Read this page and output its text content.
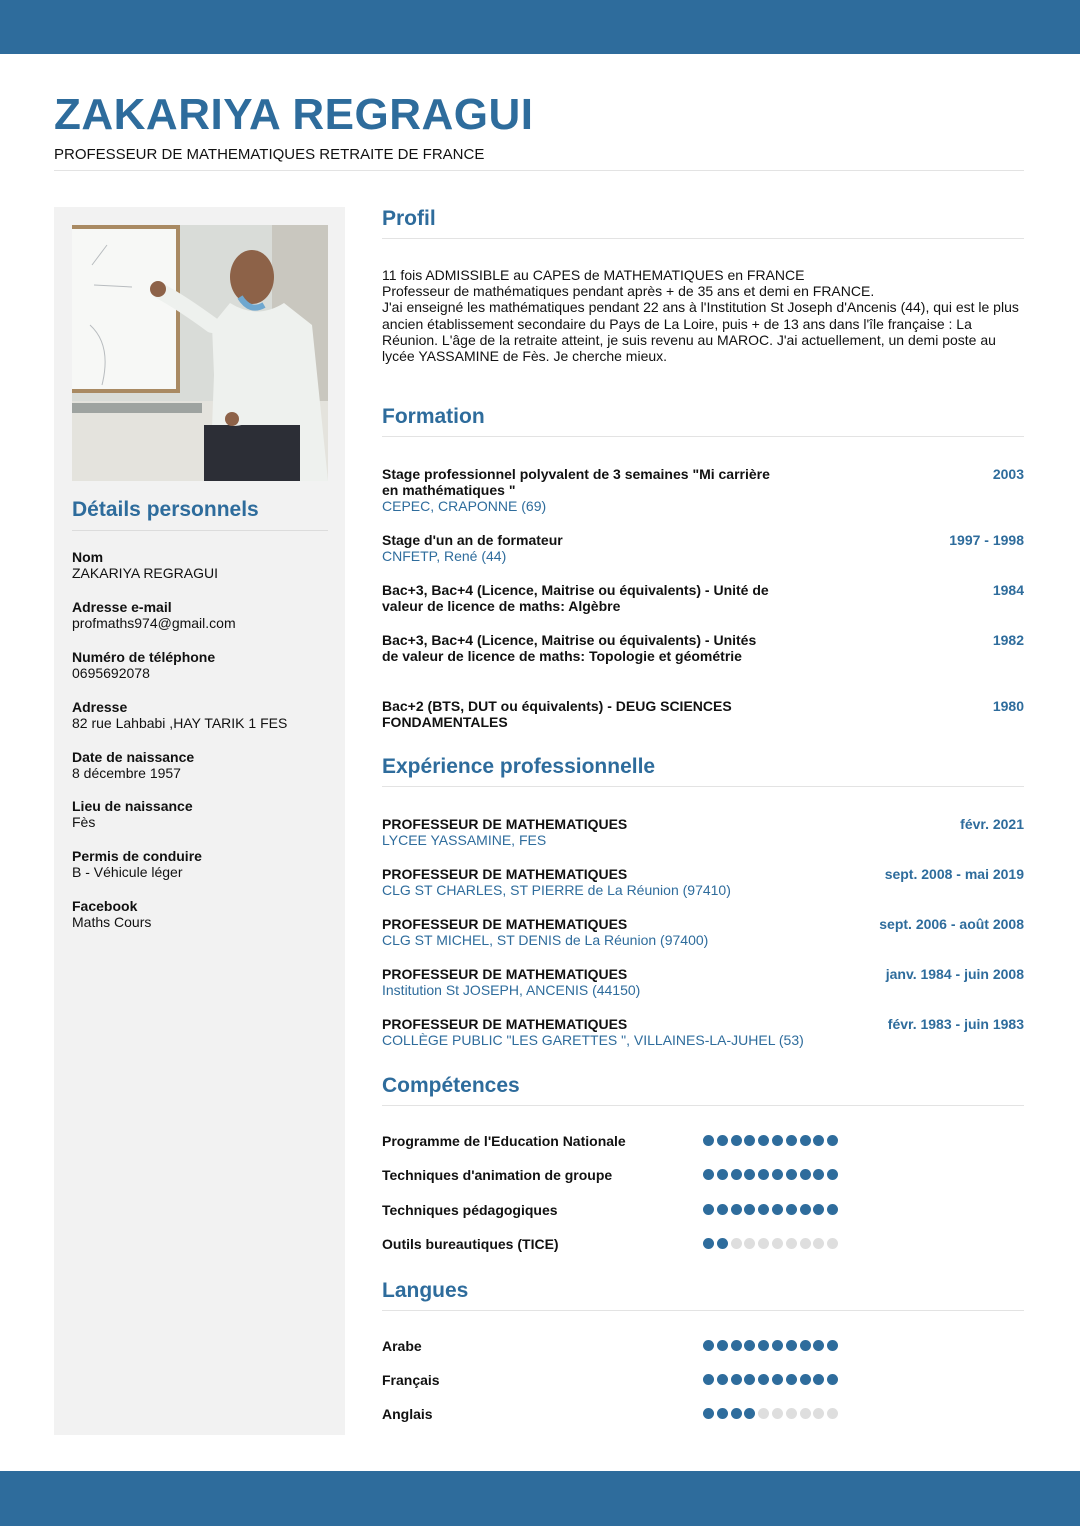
ZAKARIYA REGRAGUI
PROFESSEUR DE MATHEMATIQUES RETRAITE DE FRANCE
Détails personnels
Nom
ZAKARIYA REGRAGUI
Adresse e-mail
profmaths974@gmail.com
Numéro de téléphone
0695692078
Adresse
82 rue Lahbabi ,HAY TARIK 1 FES
Date de naissance
8 décembre 1957
Lieu de naissance
Fès
Permis de conduire
B - Véhicule léger
Facebook
Maths Cours
Profil

11 fois ADMISSIBLE au CAPES de MATHEMATIQUES en FRANCE

Professeur de mathématiques pendant après + de 35 ans et demi en FRANCE.

J'ai enseigné les mathématiques pendant 22 ans à l'Institution St Joseph d'Ancenis (44), qui est le plus ancien établissement secondaire du Pays de La Loire, puis + de 13 ans dans l'île française : La Réunion. L'âge de la retraite atteint, je suis revenu au MAROC. J'ai actuellement, un demi poste au lycée YASSAMINE de Fès. Je cherche mieux.

Formation
Stage professionnel polyvalent de 3 semaines "Mi carrière en mathématiques "
CEPEC, CRAPONNE (69)
2003
Stage d'un an de formateur
CNFETP, René (44)
1997 - 1998
Bac+3, Bac+4 (Licence, Maitrise ou équivalents) - Unité de valeur de licence de maths: Algèbre
1984
Bac+3, Bac+4 (Licence, Maitrise ou équivalents) - Unités de valeur de licence de maths: Topologie et géométrie
1982
Bac+2 (BTS, DUT ou équivalents) - DEUG SCIENCES FONDAMENTALES
1980
Expérience professionnelle
PROFESSEUR DE MATHEMATIQUES
LYCEE YASSAMINE, FES
févr. 2021
PROFESSEUR DE MATHEMATIQUES
CLG ST CHARLES, ST PIERRE de La Réunion (97410)
sept. 2008 - mai 2019
PROFESSEUR DE MATHEMATIQUES
CLG ST MICHEL, ST DENIS de La Réunion (97400)
sept. 2006 - août 2008
PROFESSEUR DE MATHEMATIQUES
Institution St JOSEPH, ANCENIS (44150)
janv. 1984 - juin 2008
PROFESSEUR DE MATHEMATIQUES
COLLÈGE PUBLIC "LES GARETTES ", VILLAINES-LA-JUHEL (53)
févr. 1983 - juin 1983
Compétences
Programme de l'Education Nationale
Techniques d'animation de groupe
Techniques pédagogiques
Outils bureautiques (TICE)
Langues
Arabe
Français
Anglais
